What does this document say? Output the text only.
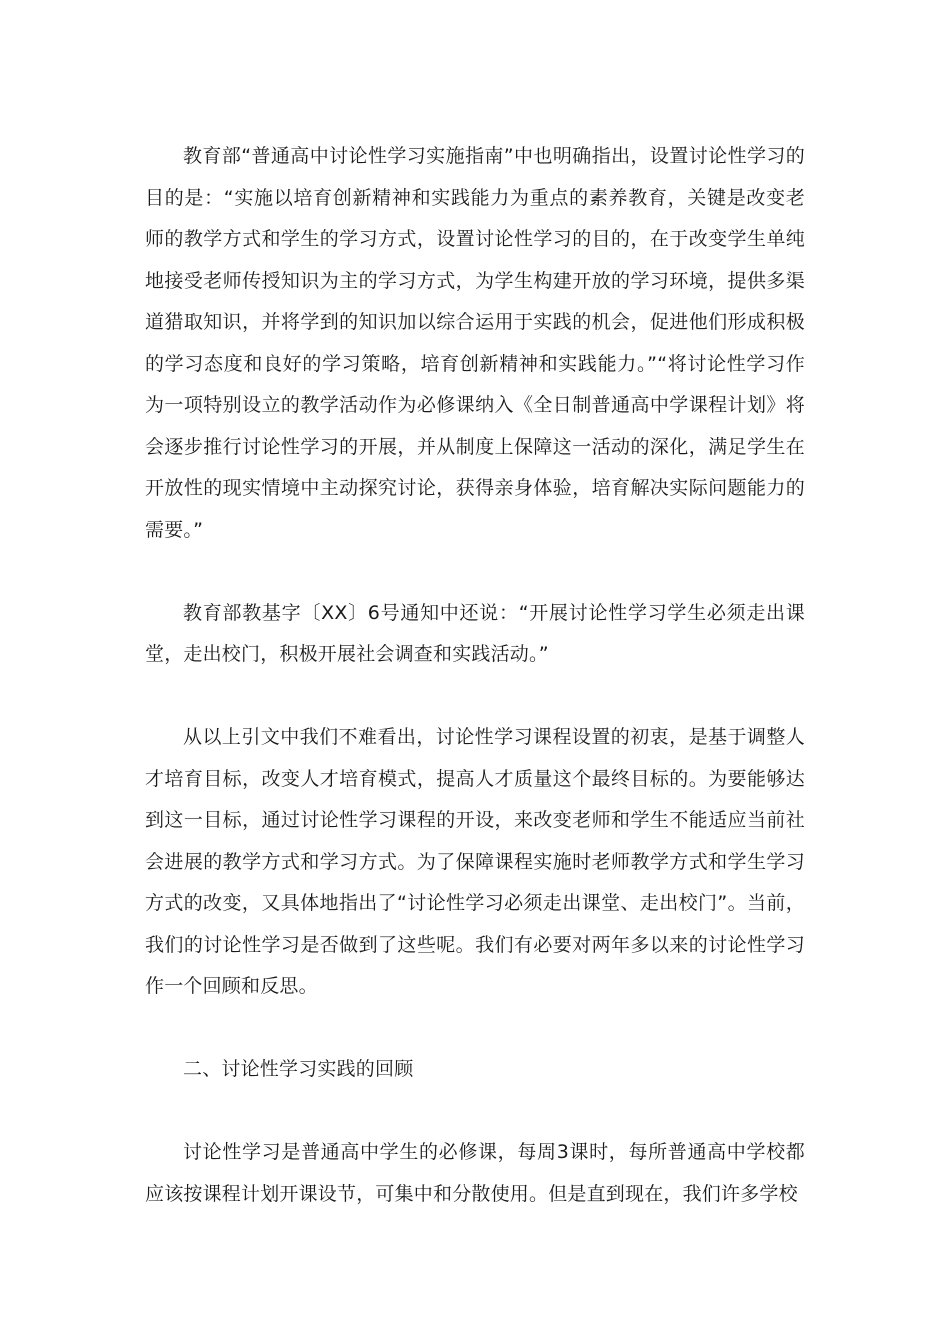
教育部“普通高中讨论性学习实施指南”中也明确指出，设置讨论性学习的目的是：“实施以培育创新精神和实践能力为重点的素养教育，关键是改变老师的教学方式和学生的学习方式，设置讨论性学习的目的，在于改变学生单纯地接受老师传授知识为主的学习方式，为学生构建开放的学习环境，提供多渠道猎取知识，并将学到的知识加以综合运用于实践的机会，促进他们形成积极的学习态度和良好的学习策略，培育创新精神和实践能力。”“将讨论性学习作为一项特别设立的教学活动作为必修课纳入《全日制普通高中学课程计划》将会逐步推行讨论性学习的开展，并从制度上保障这一活动的深化，满足学生在开放性的现实情境中主动探究讨论，获得亲身体验，培育解决实际问题能力的需要。”

教育部教基字〔XX〕6号通知中还说：“开展讨论性学习学生必须走出课堂，走出校门，积极开展社会调查和实践活动。”

从以上引文中我们不难看出，讨论性学习课程设置的初衷，是基于调整人才培育目标，改变人才培育模式，提高人才质量这个最终目标的。为要能够达到这一目标，通过讨论性学习课程的开设，来改变老师和学生不能适应当前社会进展的教学方式和学习方式。为了保障课程实施时老师教学方式和学生学习方式的改变，又具体地指出了“讨论性学习必须走出课堂、走出校门”。当前，我们的讨论性学习是否做到了这些呢。我们有必要对两年多以来的讨论性学习作一个回顾和反思。

二、讨论性学习实践的回顾

讨论性学习是普通高中学生的必修课，每周3课时，每所普通高中学校都应该按课程计划开课设节，可集中和分散使用。但是直到现在，我们许多学校
